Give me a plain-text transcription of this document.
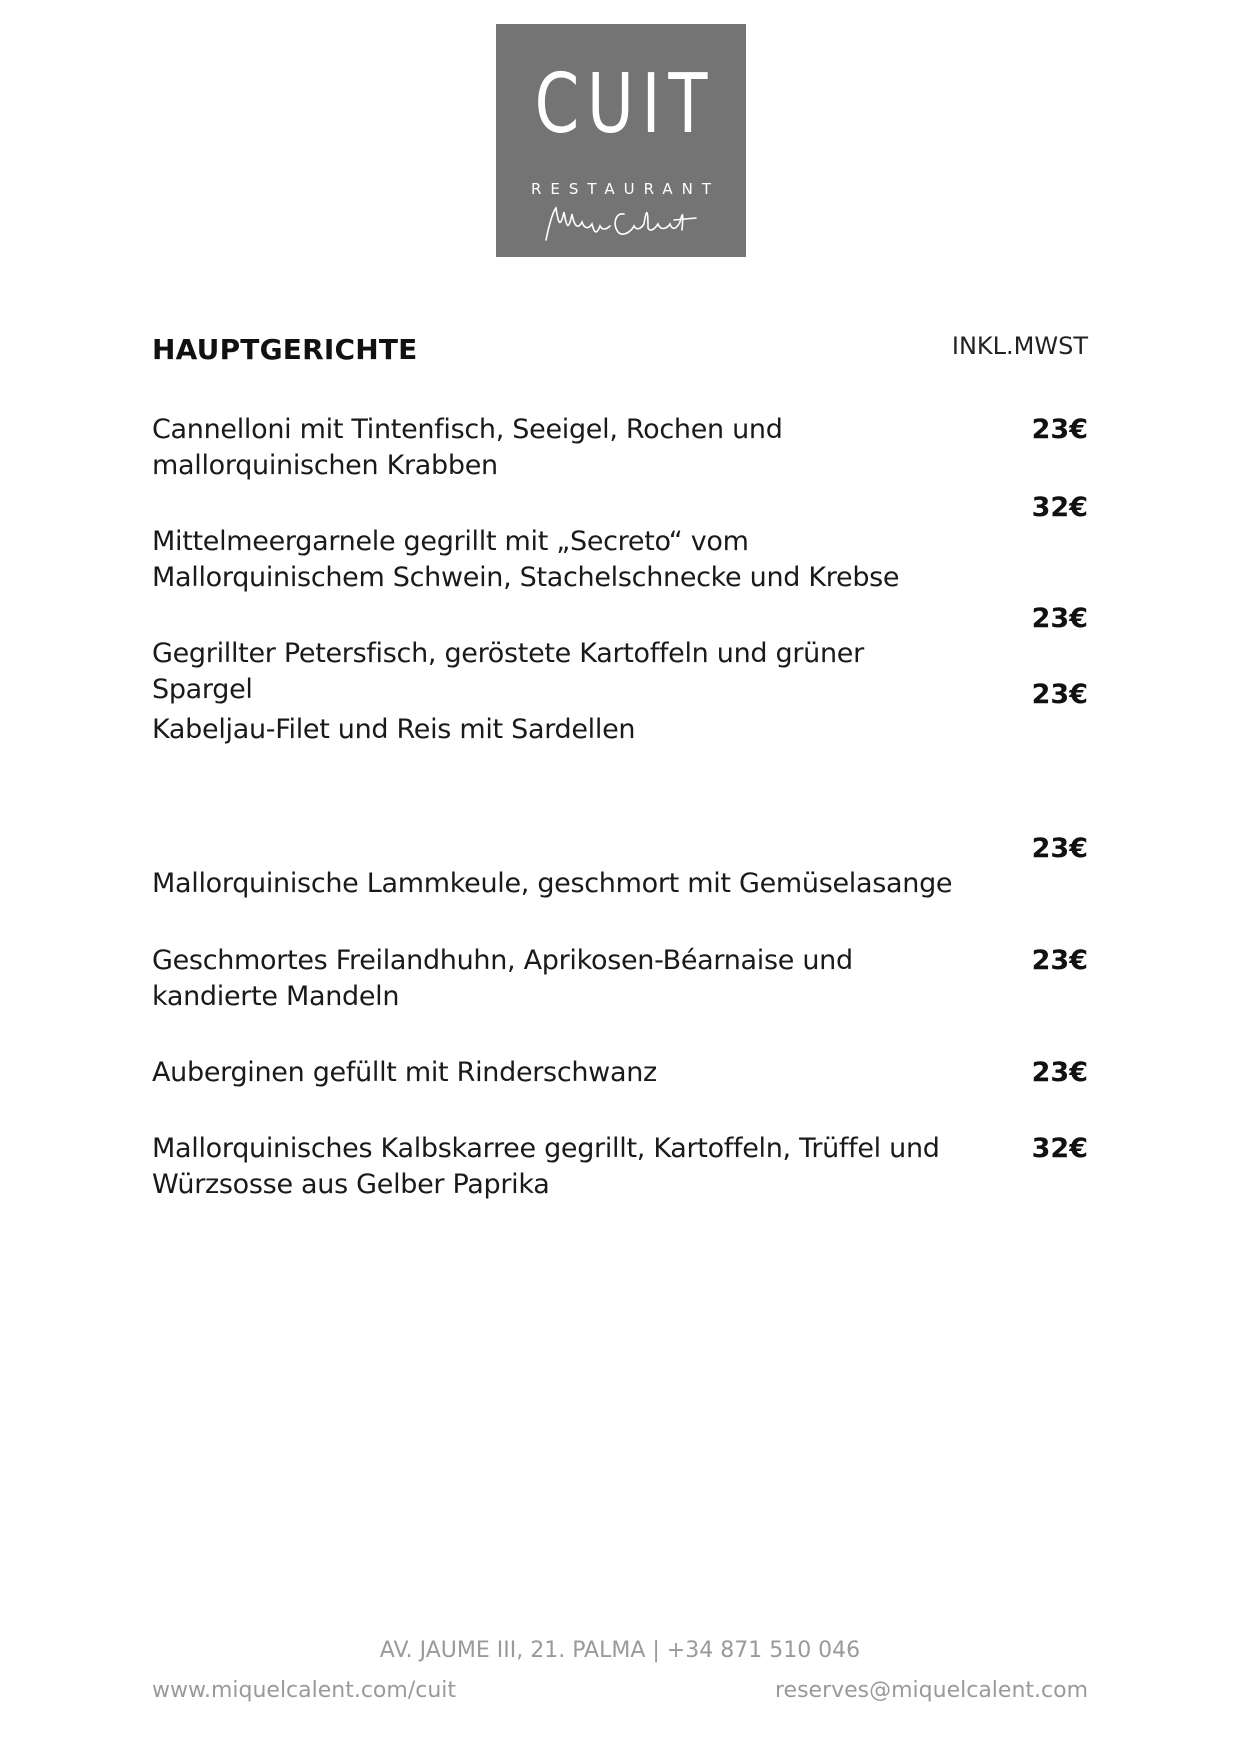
CUIT
RESTAURANT
HAUPTGERICHTE	INKL.MWST
Cannelloni mit Tintenfisch, Seeigel, Rochen und mallorquinischen Krabben
23€
Mittelmeergarnele gegrillt mit „Secreto“ vom Mallorquinischem Schwein, Stachelschnecke und Krebse
32€
Gegrillter Petersfisch, geröstete Kartoffeln und grüner Spargel
23€
Kabeljau-Filet und Reis mit Sardellen
23€
Mallorquinische Lammkeule, geschmort mit Gemüselasange
23€
Geschmortes Freilandhuhn, Aprikosen-Béarnaise und kandierte Mandeln
23€
Auberginen gefüllt mit Rinderschwanz	23€
Mallorquinisches Kalbskarree gegrillt, Kartoffeln, Trüffel und Würzsosse aus Gelber Paprika
32€
AV. JAUME III, 21. PALMA | +34 871 510 046
www.miquelcalent.com/cuit	reserves@miquelcalent.com
